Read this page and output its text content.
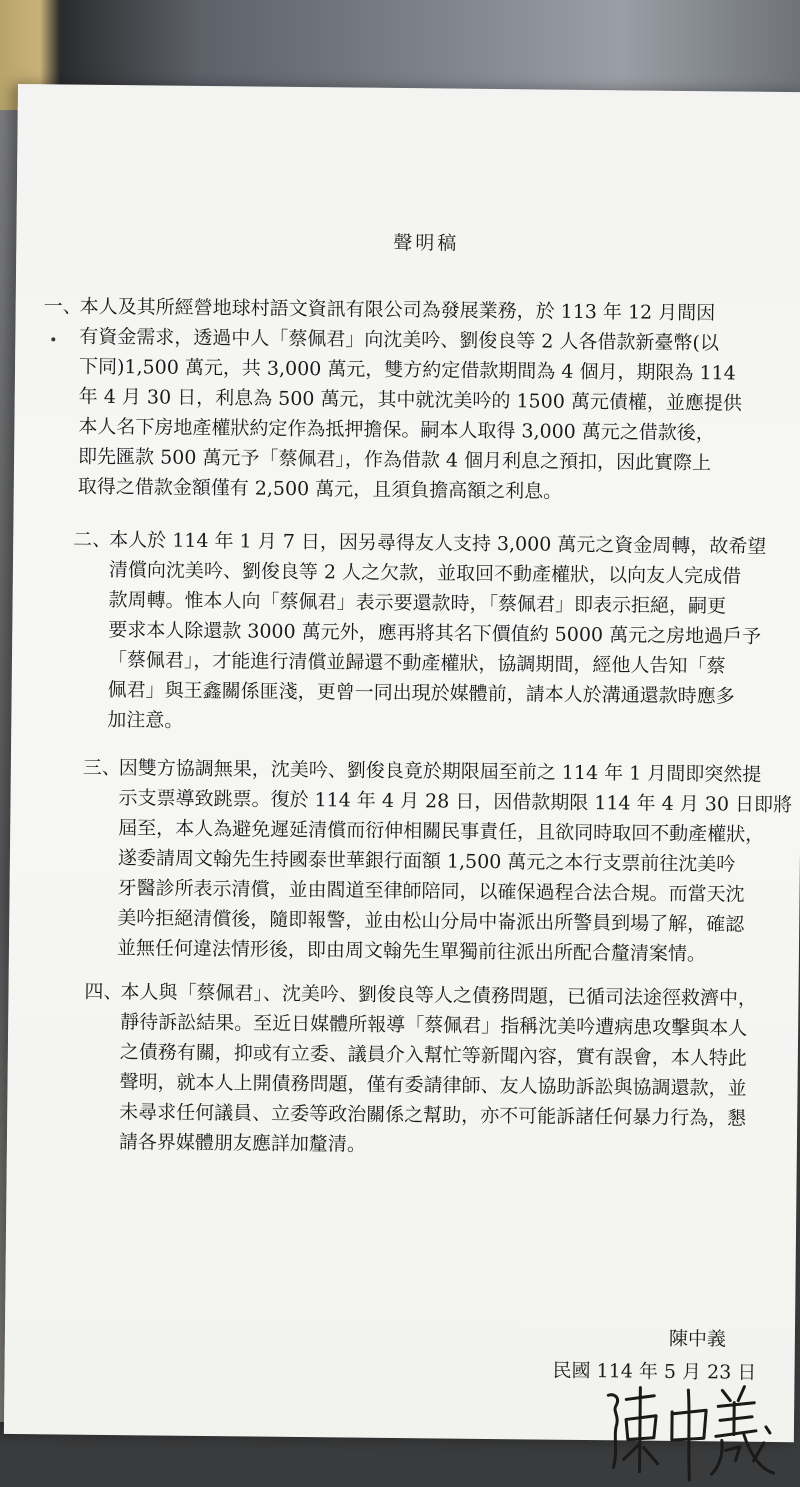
聲明稿
一、
本人及其所經營地球村語文資訊有限公司為發展業務，於 113 年 12 月間因
有資金需求，透過中人「蔡佩君」向沈美吟、劉俊良等 2 人各借款新臺幣(以
下同)1,500 萬元，共 3,000 萬元，雙方約定借款期間為 4 個月，期限為 114
年 4 月 30 日，利息為 500 萬元，其中就沈美吟的 1500 萬元債權，並應提供
本人名下房地產權狀約定作為抵押擔保。嗣本人取得 3,000 萬元之借款後，
即先匯款 500 萬元予「蔡佩君」，作為借款 4 個月利息之預扣，因此實際上
取得之借款金額僅有 2,500 萬元，且須負擔高額之利息。
二、
本人於 114 年 1 月 7 日，因另尋得友人支持 3,000 萬元之資金周轉，故希望
清償向沈美吟、劉俊良等 2 人之欠款，並取回不動產權狀，以向友人完成借
款周轉。惟本人向「蔡佩君」表示要還款時，「蔡佩君」即表示拒絕，嗣更
要求本人除還款 3000 萬元外，應再將其名下價值約 5000 萬元之房地過戶予
「蔡佩君」，才能進行清償並歸還不動產權狀，協調期間，經他人告知「蔡
佩君」與王鑫關係匪淺，更曾一同出現於媒體前，請本人於溝通還款時應多
加注意。
三、
因雙方協調無果，沈美吟、劉俊良竟於期限屆至前之 114 年 1 月間即突然提
示支票導致跳票。復於 114 年 4 月 28 日，因借款期限 114 年 4 月 30 日即將
屆至，本人為避免遲延清償而衍伸相關民事責任，且欲同時取回不動產權狀，
遂委請周文翰先生持國泰世華銀行面額 1,500 萬元之本行支票前往沈美吟
牙醫診所表示清償，並由閻道至律師陪同，以確保過程合法合規。而當天沈
美吟拒絕清償後，隨即報警，並由松山分局中崙派出所警員到場了解，確認
並無任何違法情形後，即由周文翰先生單獨前往派出所配合釐清案情。
四、
本人與「蔡佩君」、沈美吟、劉俊良等人之債務問題，已循司法途徑救濟中，
靜待訴訟結果。至近日媒體所報導「蔡佩君」指稱沈美吟遭病患攻擊與本人
之債務有關，抑或有立委、議員介入幫忙等新聞內容，實有誤會，本人特此
聲明，就本人上開債務問題，僅有委請律師、友人協助訴訟與協調還款，並
未尋求任何議員、立委等政治關係之幫助，亦不可能訴諸任何暴力行為，懇
請各界媒體朋友應詳加釐清。
陳中義
民國 114 年 5 月 23 日
